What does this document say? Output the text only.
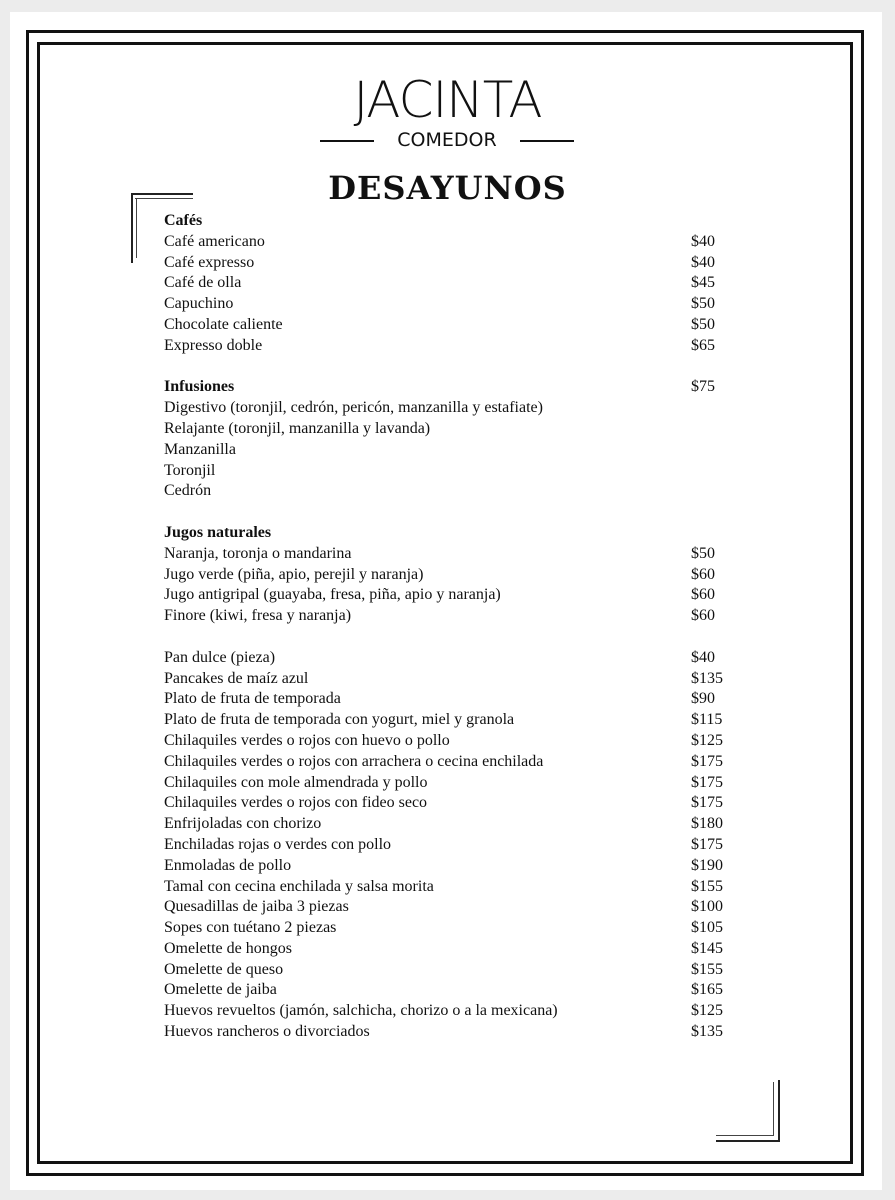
JACINTA
COMEDOR
DESAYUNOS
Cafés
Café americano	$40
Café expresso	$40
Café de olla	$45
Capuchino	$50
Chocolate caliente	$50
Expresso doble	$65
Infusiones	$75
Digestivo (toronjil, cedrón, pericón, manzanilla y estafiate)
Relajante (toronjil, manzanilla y lavanda)
Manzanilla
Toronjil
Cedrón
Jugos naturales
Naranja, toronja o mandarina	$50
Jugo verde (piña, apio, perejil y naranja)	$60
Jugo antigripal (guayaba, fresa, piña, apio y naranja)	$60
Finore (kiwi, fresa y naranja)	$60
Pan dulce (pieza)	$40
Pancakes de maíz azul	$135
Plato de fruta de temporada	$90
Plato de fruta de temporada con yogurt, miel y granola	$115
Chilaquiles verdes o rojos con huevo o pollo	$125
Chilaquiles verdes o rojos con arrachera o cecina enchilada	$175
Chilaquiles con mole almendrada y pollo	$175
Chilaquiles verdes o rojos con fideo seco	$175
Enfrijoladas con chorizo	$180
Enchiladas rojas o verdes con pollo	$175
Enmoladas de pollo	$190
Tamal con cecina enchilada y salsa morita	$155
Quesadillas de jaiba 3 piezas	$100
Sopes con tuétano 2 piezas	$105
Omelette de hongos	$145
Omelette de queso	$155
Omelette de jaiba	$165
Huevos revueltos (jamón, salchicha, chorizo o a la mexicana)	$125
Huevos rancheros o divorciados	$135
